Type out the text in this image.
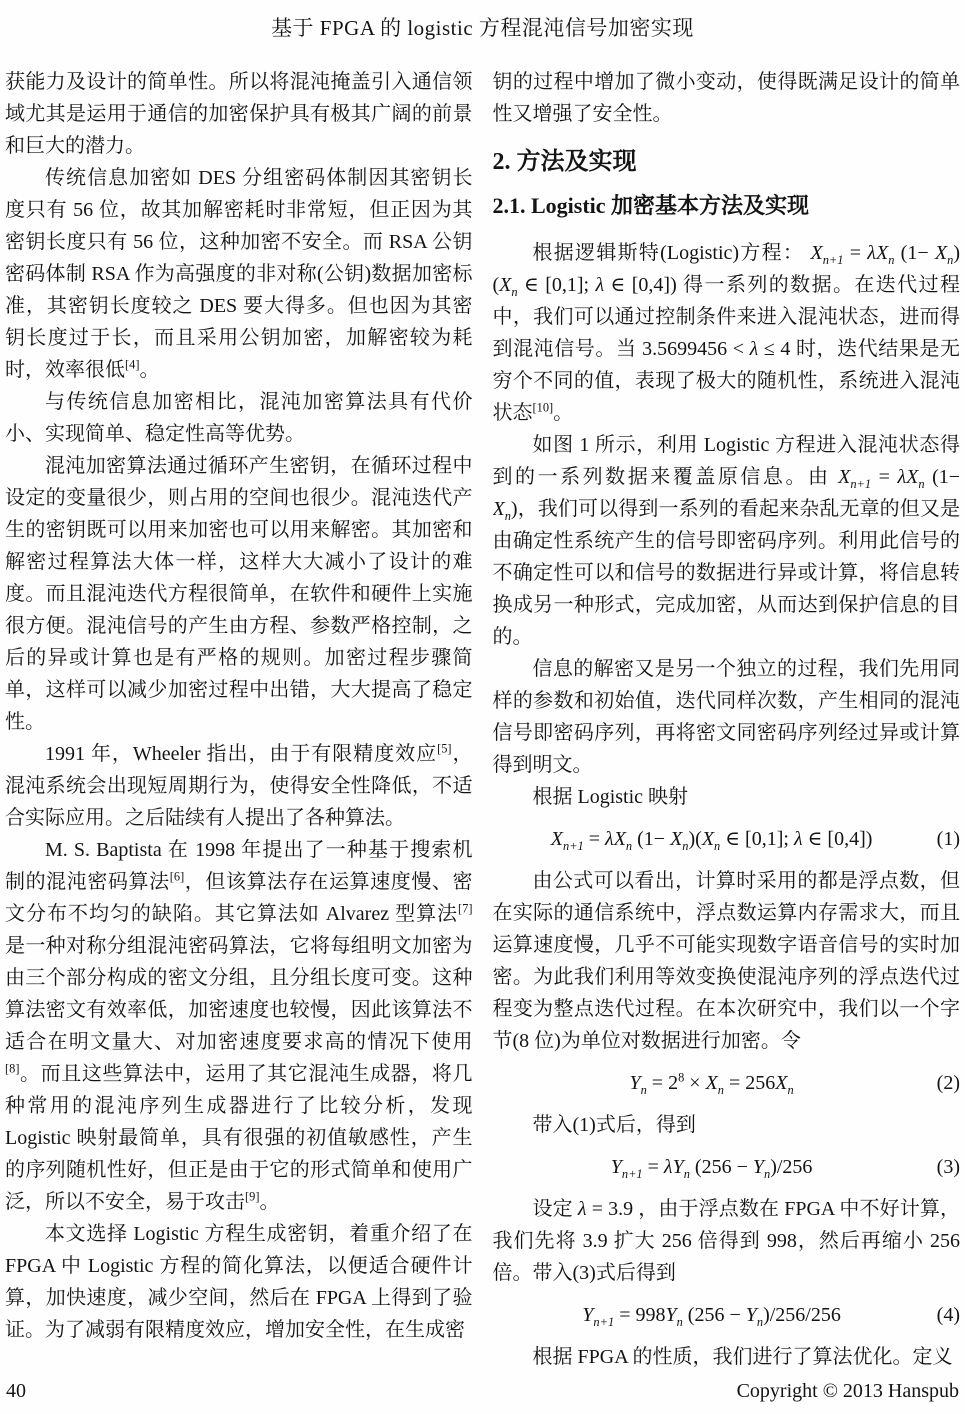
基于 FPGA 的 logistic 方程混沌信号加密实现

获能力及设计的简单性。所以将混沌掩盖引入通信领域尤其是运用于通信的加密保护具有极其广阔的前景和巨大的潜力。

传统信息加密如 DES 分组密码体制因其密钥长度只有 56 位，故其加解密耗时非常短，但正因为其密钥长度只有 56 位，这种加密不安全。而 RSA 公钥密码体制 RSA 作为高强度的非对称(公钥)数据加密标准，其密钥长度较之 DES 要大得多。但也因为其密钥长度过于长，而且采用公钥加密，加解密较为耗时，效率很低[4]。

与传统信息加密相比，混沌加密算法具有代价小、实现简单、稳定性高等优势。

混沌加密算法通过循环产生密钥，在循环过程中设定的变量很少，则占用的空间也很少。混沌迭代产生的密钥既可以用来加密也可以用来解密。其加密和解密过程算法大体一样，这样大大减小了设计的难度。而且混沌迭代方程很简单，在软件和硬件上实施很方便。混沌信号的产生由方程、参数严格控制，之后的异或计算也是有严格的规则。加密过程步骤简单，这样可以减少加密过程中出错，大大提高了稳定性。

1991 年，Wheeler 指出，由于有限精度效应[5]，混沌系统会出现短周期行为，使得安全性降低，不适合实际应用。之后陆续有人提出了各种算法。

M. S. Baptista 在 1998 年提出了一种基于搜索机制的混沌密码算法[6]，但该算法存在运算速度慢、密文分布不均匀的缺陷。其它算法如 Alvarez 型算法[7]是一种对称分组混沌密码算法，它将每组明文加密为由三个部分构成的密文分组，且分组长度可变。这种算法密文有效率低，加密速度也较慢，因此该算法不适合在明文量大、对加密速度要求高的情况下使用[8]。而且这些算法中，运用了其它混沌生成器，将几种常用的混沌序列生成器进行了比较分析，发现 Logistic 映射最简单，具有很强的初值敏感性，产生的序列随机性好，但正是由于它的形式简单和使用广泛，所以不安全，易于攻击[9]。

本文选择 Logistic 方程生成密钥，着重介绍了在 FPGA 中 Logistic 方程的简化算法，以便适合硬件计算，加快速度，减少空间，然后在 FPGA 上得到了验证。为了减弱有限精度效应，增加安全性，在生成密

钥的过程中增加了微小变动，使得既满足设计的简单性又增强了安全性。

2. 方法及实现
2.1. Logistic 加密基本方法及实现

根据逻辑斯特(Logistic)方程： $X_{n+1} = \lambda X_n$ $(1- X_n)(X_n$ ∈ [0,1]; λ ∈ [0,4]) 得一系列的数据。在迭代过程中，我们可以通过控制条件来进入混沌状态，进而得到混沌信号。当 3.5699456 < λ ≤ 4 时，迭代结果是无穷个不同的值，表现了极大的随机性，系统进入混沌状态[10]。

如图 1 所示，利用 Logistic 方程进入混沌状态得到的一系列数据来覆盖原信息。由 $X_{n+1} = \lambda X_n$ $(1- X_n)$，我们可以得到一系列的看起来杂乱无章的但又是由确定性系统产生的信号即密码序列。利用此信号的不确定性可以和信号的数据进行异或计算，将信息转换成另一种形式，完成加密，从而达到保护信息的目的。

信息的解密又是另一个独立的过程，我们先用同样的参数和初始值，迭代同样次数，产生相同的混沌信号即密码序列，再将密文同密码序列经过异或计算得到明文。

根据 Logistic 映射

$X_{n+1} = \lambda X_n$ $(1- X_n)(X_n$ ∈ [0,1]; λ ∈ [0,4])	(1)

由公式可以看出，计算时采用的都是浮点数，但在实际的通信系统中，浮点数运算内存需求大，而且运算速度慢，几乎不可能实现数字语音信号的实时加密。为此我们利用等效变换使混沌序列的浮点迭代过程变为整点迭代过程。在本次研究中，我们以一个字节(8 位)为单位对数据进行加密。令

$Y_n = 2^8 \times X_n = 256X_n$	(2)

带入(1)式后，得到

$Y_{n+1} = \lambda Y_n$ $(256 - Y_n)/256$	(3)

设定 λ = 3.9 ，由于浮点数在 FPGA 中不好计算，我们先将 3.9 扩大 256 倍得到 998，然后再缩小 256 倍。带入(3)式后得到

$Y_{n+1} = 998Y_n$ $(256 - Y_n)/256/256$	(4)

根据 FPGA 的性质，我们进行了算法优化。定义

40	Copyright © 2013 Hanspub
